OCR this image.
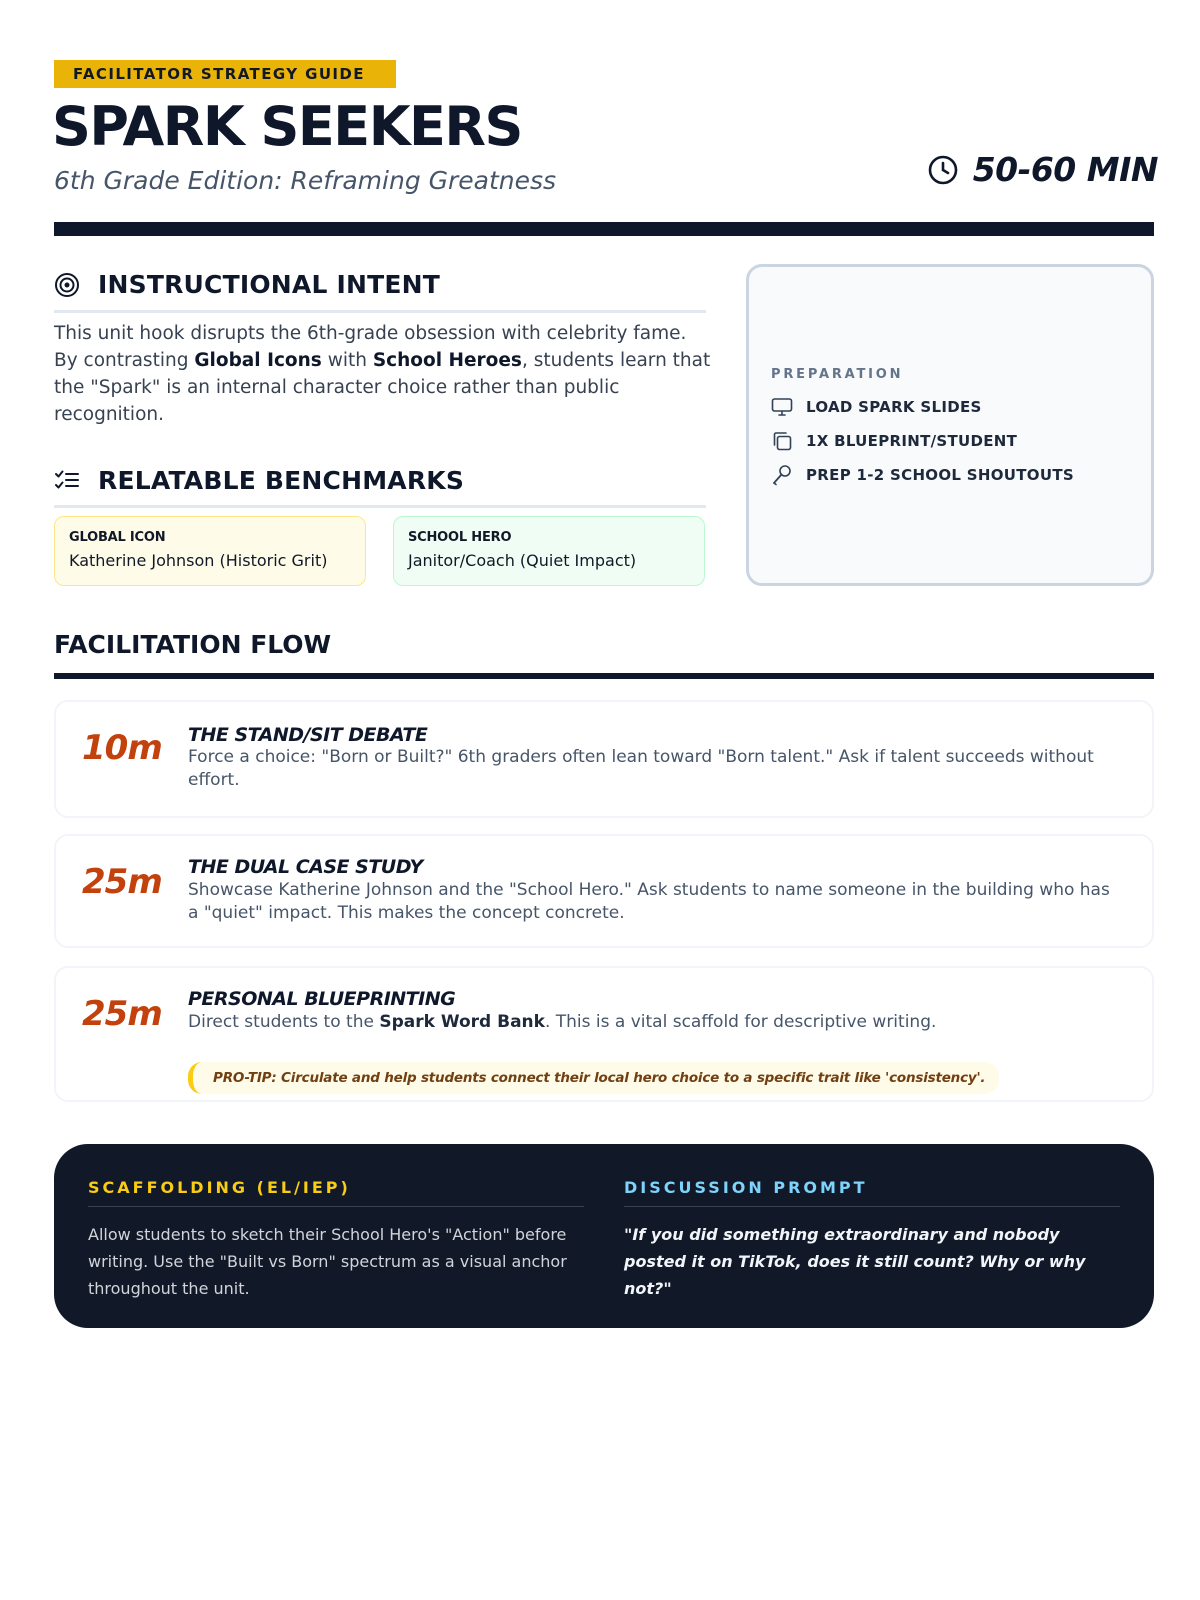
FACILITATOR STRATEGY GUIDE
SPARK SEEKERS
6th Grade Edition: Reframing Greatness	50-60 MIN
INSTRUCTIONAL INTENT

This unit hook disrupts the 6th-grade obsession with celebrity fame. By contrasting Global Icons with School Heroes, students learn that the "Spark" is an internal character choice rather than public recognition.

RELATABLE BENCHMARKS
GLOBAL ICON
Katherine Johnson (Historic Grit)
SCHOOL HERO
Janitor/Coach (Quiet Impact)
PREPARATION
LOAD SPARK SLIDES
1X BLUEPRINT/STUDENT
PREP 1-2 SCHOOL SHOUTOUTS
FACILITATION FLOW
10m THE STAND/SIT DEBATE
Force a choice: "Born or Built?" 6th graders often lean toward "Born talent." Ask if talent succeeds without effort.
25m THE DUAL CASE STUDY
Showcase Katherine Johnson and the "School Hero." Ask students to name someone in the building who has a "quiet" impact. This makes the concept concrete.
25m PERSONAL BLUEPRINTING
Direct students to the Spark Word Bank. This is a vital scaffold for descriptive writing.
PRO-TIP: Circulate and help students connect their local hero choice to a specific trait like 'consistency'.
SCAFFOLDING (EL/IEP)
Allow students to sketch their School Hero's "Action" before writing. Use the "Built vs Born" spectrum as a visual anchor throughout the unit.
DISCUSSION PROMPT
"If you did something extraordinary and nobody posted it on TikTok, does it still count? Why or why not?"
